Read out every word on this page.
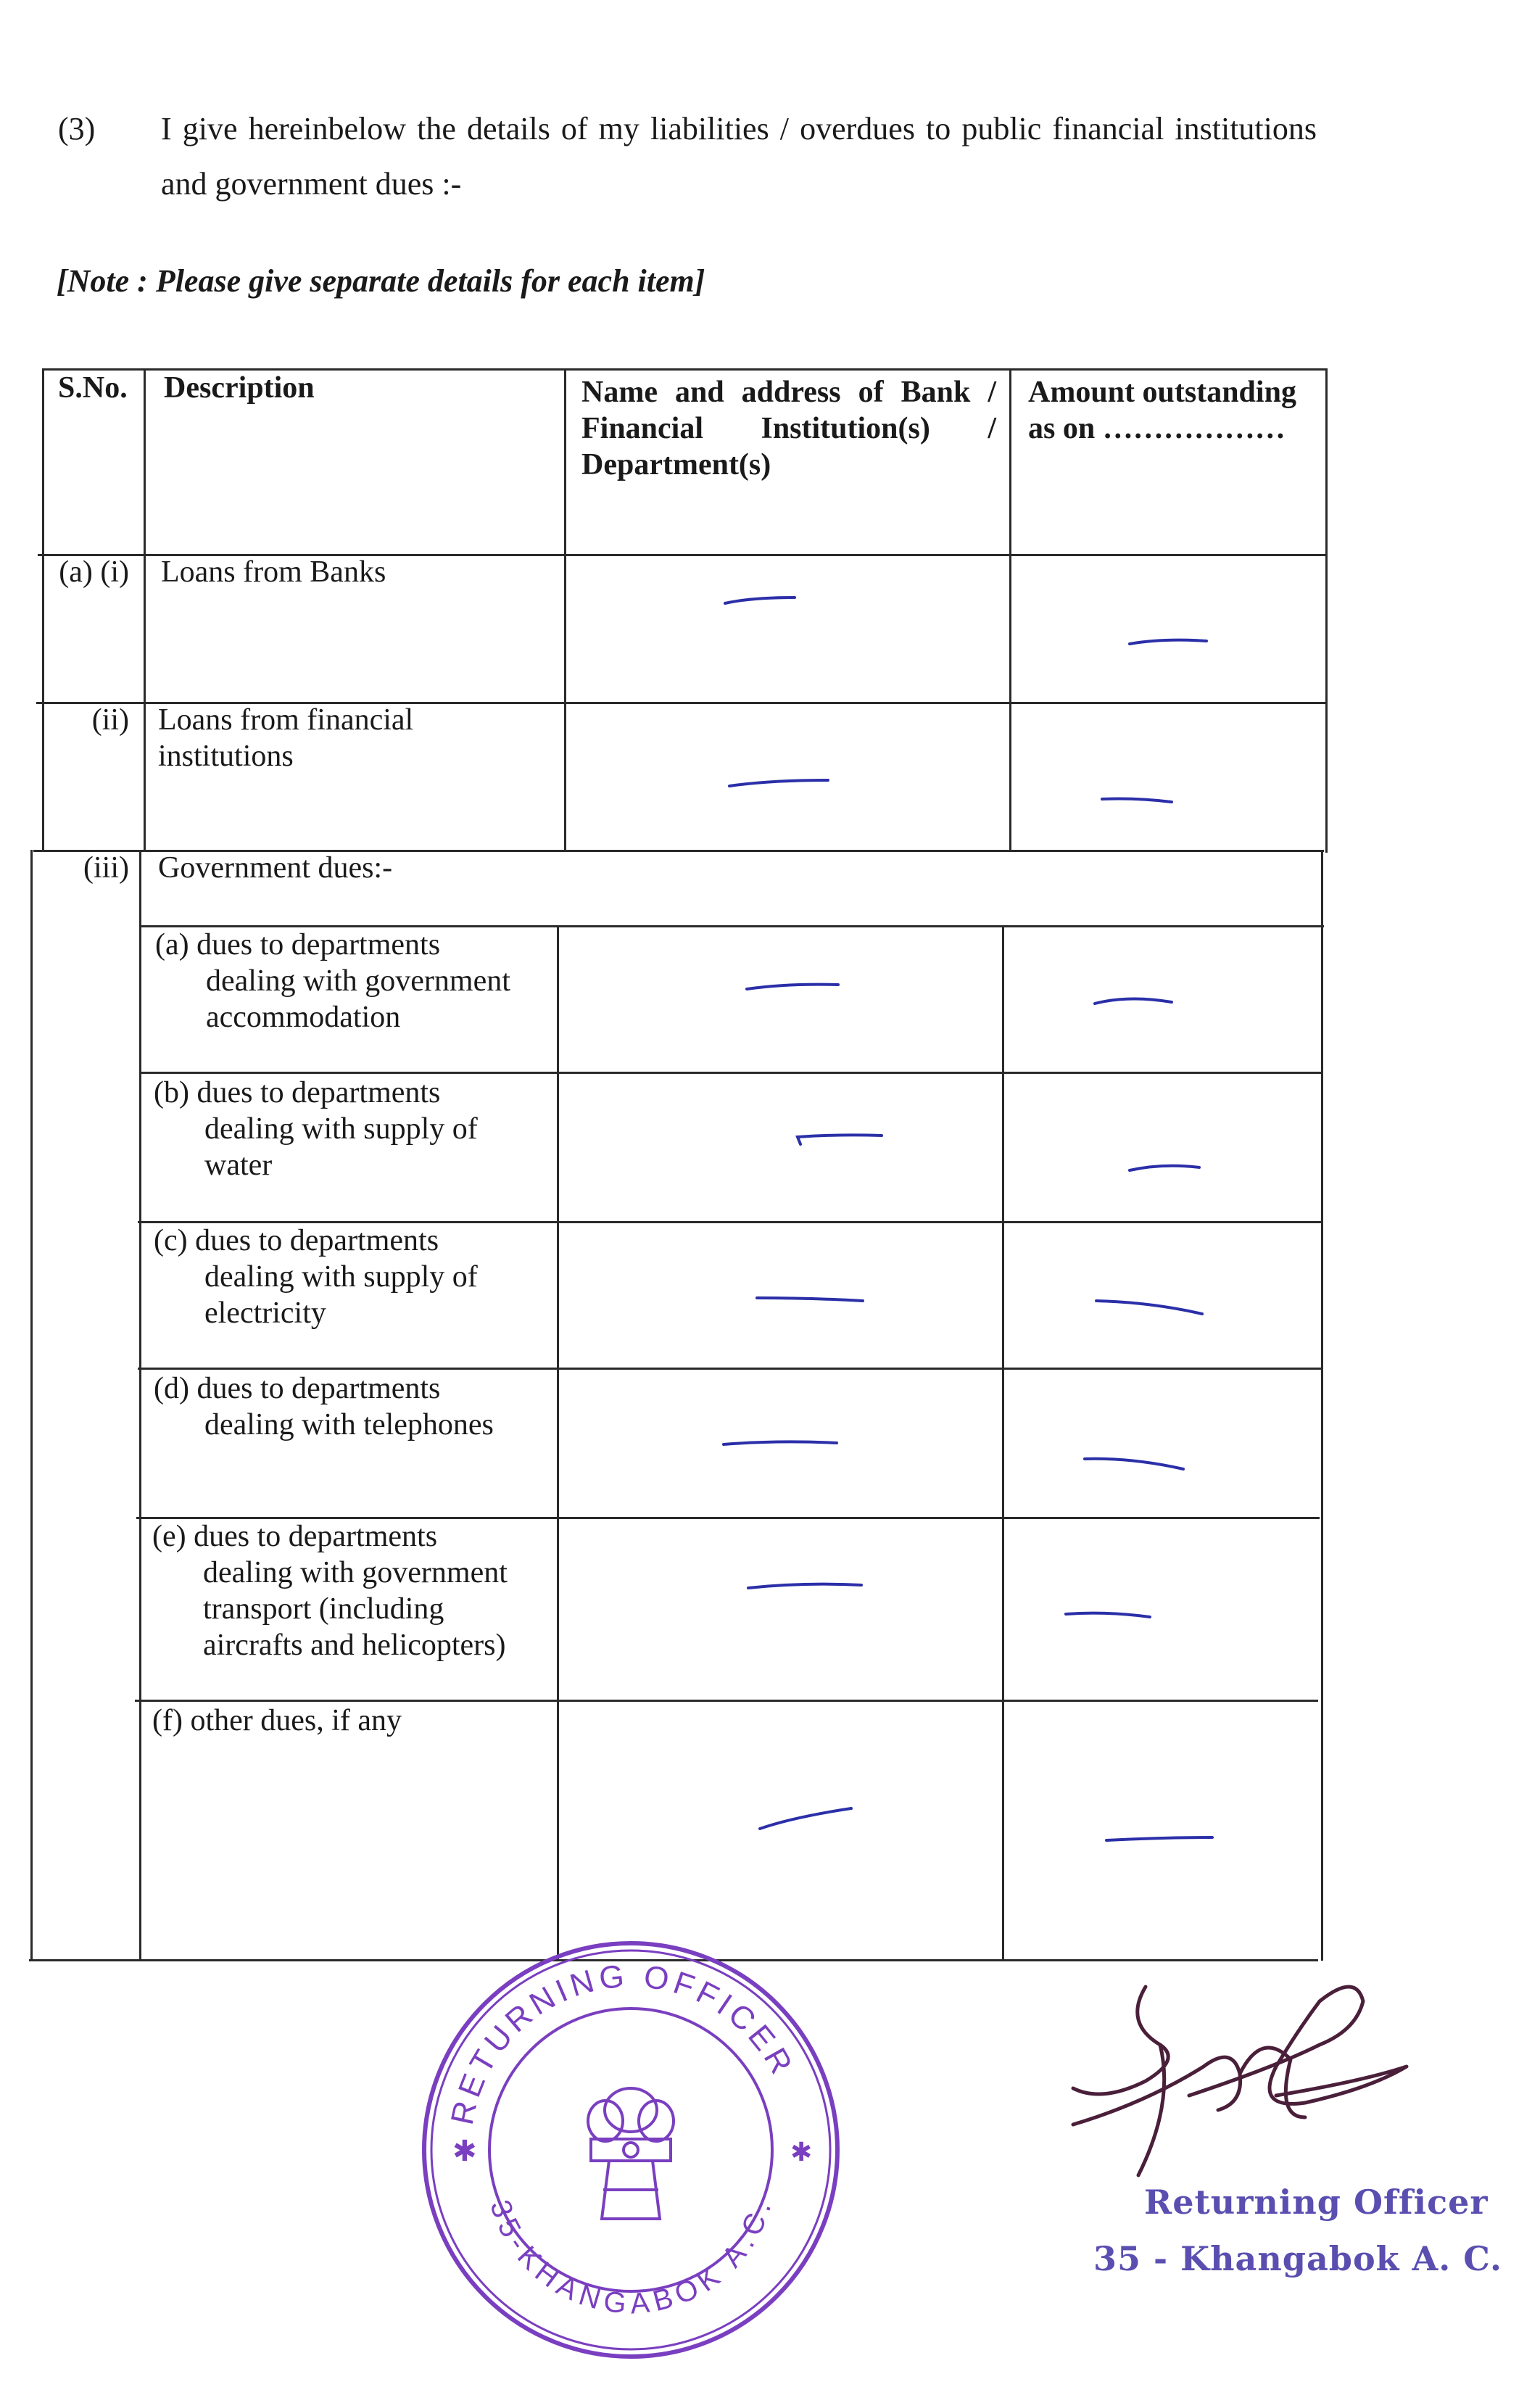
(3) I give hereinbelow the details of my liabilities / overdues to public financial institutions and government dues :-
[Note : Please give separate details for each item]
S.No. Description	Name and address of Bank / Financial Institution(s) / Department(s)
Amount outstanding as on ………………
(a) (i) Loans from Banks
(ii) Loans from financial institutions
(iii) Government dues:-
(a) dues to departments
dealing with government
accommodation
(b) dues to departments
dealing with supply of
water
(c) dues to departments
dealing with supply of
electricity
(d) dues to departments
dealing with telephones
(e) dues to departments
dealing with government
transport (including
aircrafts and helicopters)
(f) other dues, if any
RETURNING OFFICER
35-KHANGABOK A.C.
✱	✱
Returning Officer
35 - Khangabok A. C.
